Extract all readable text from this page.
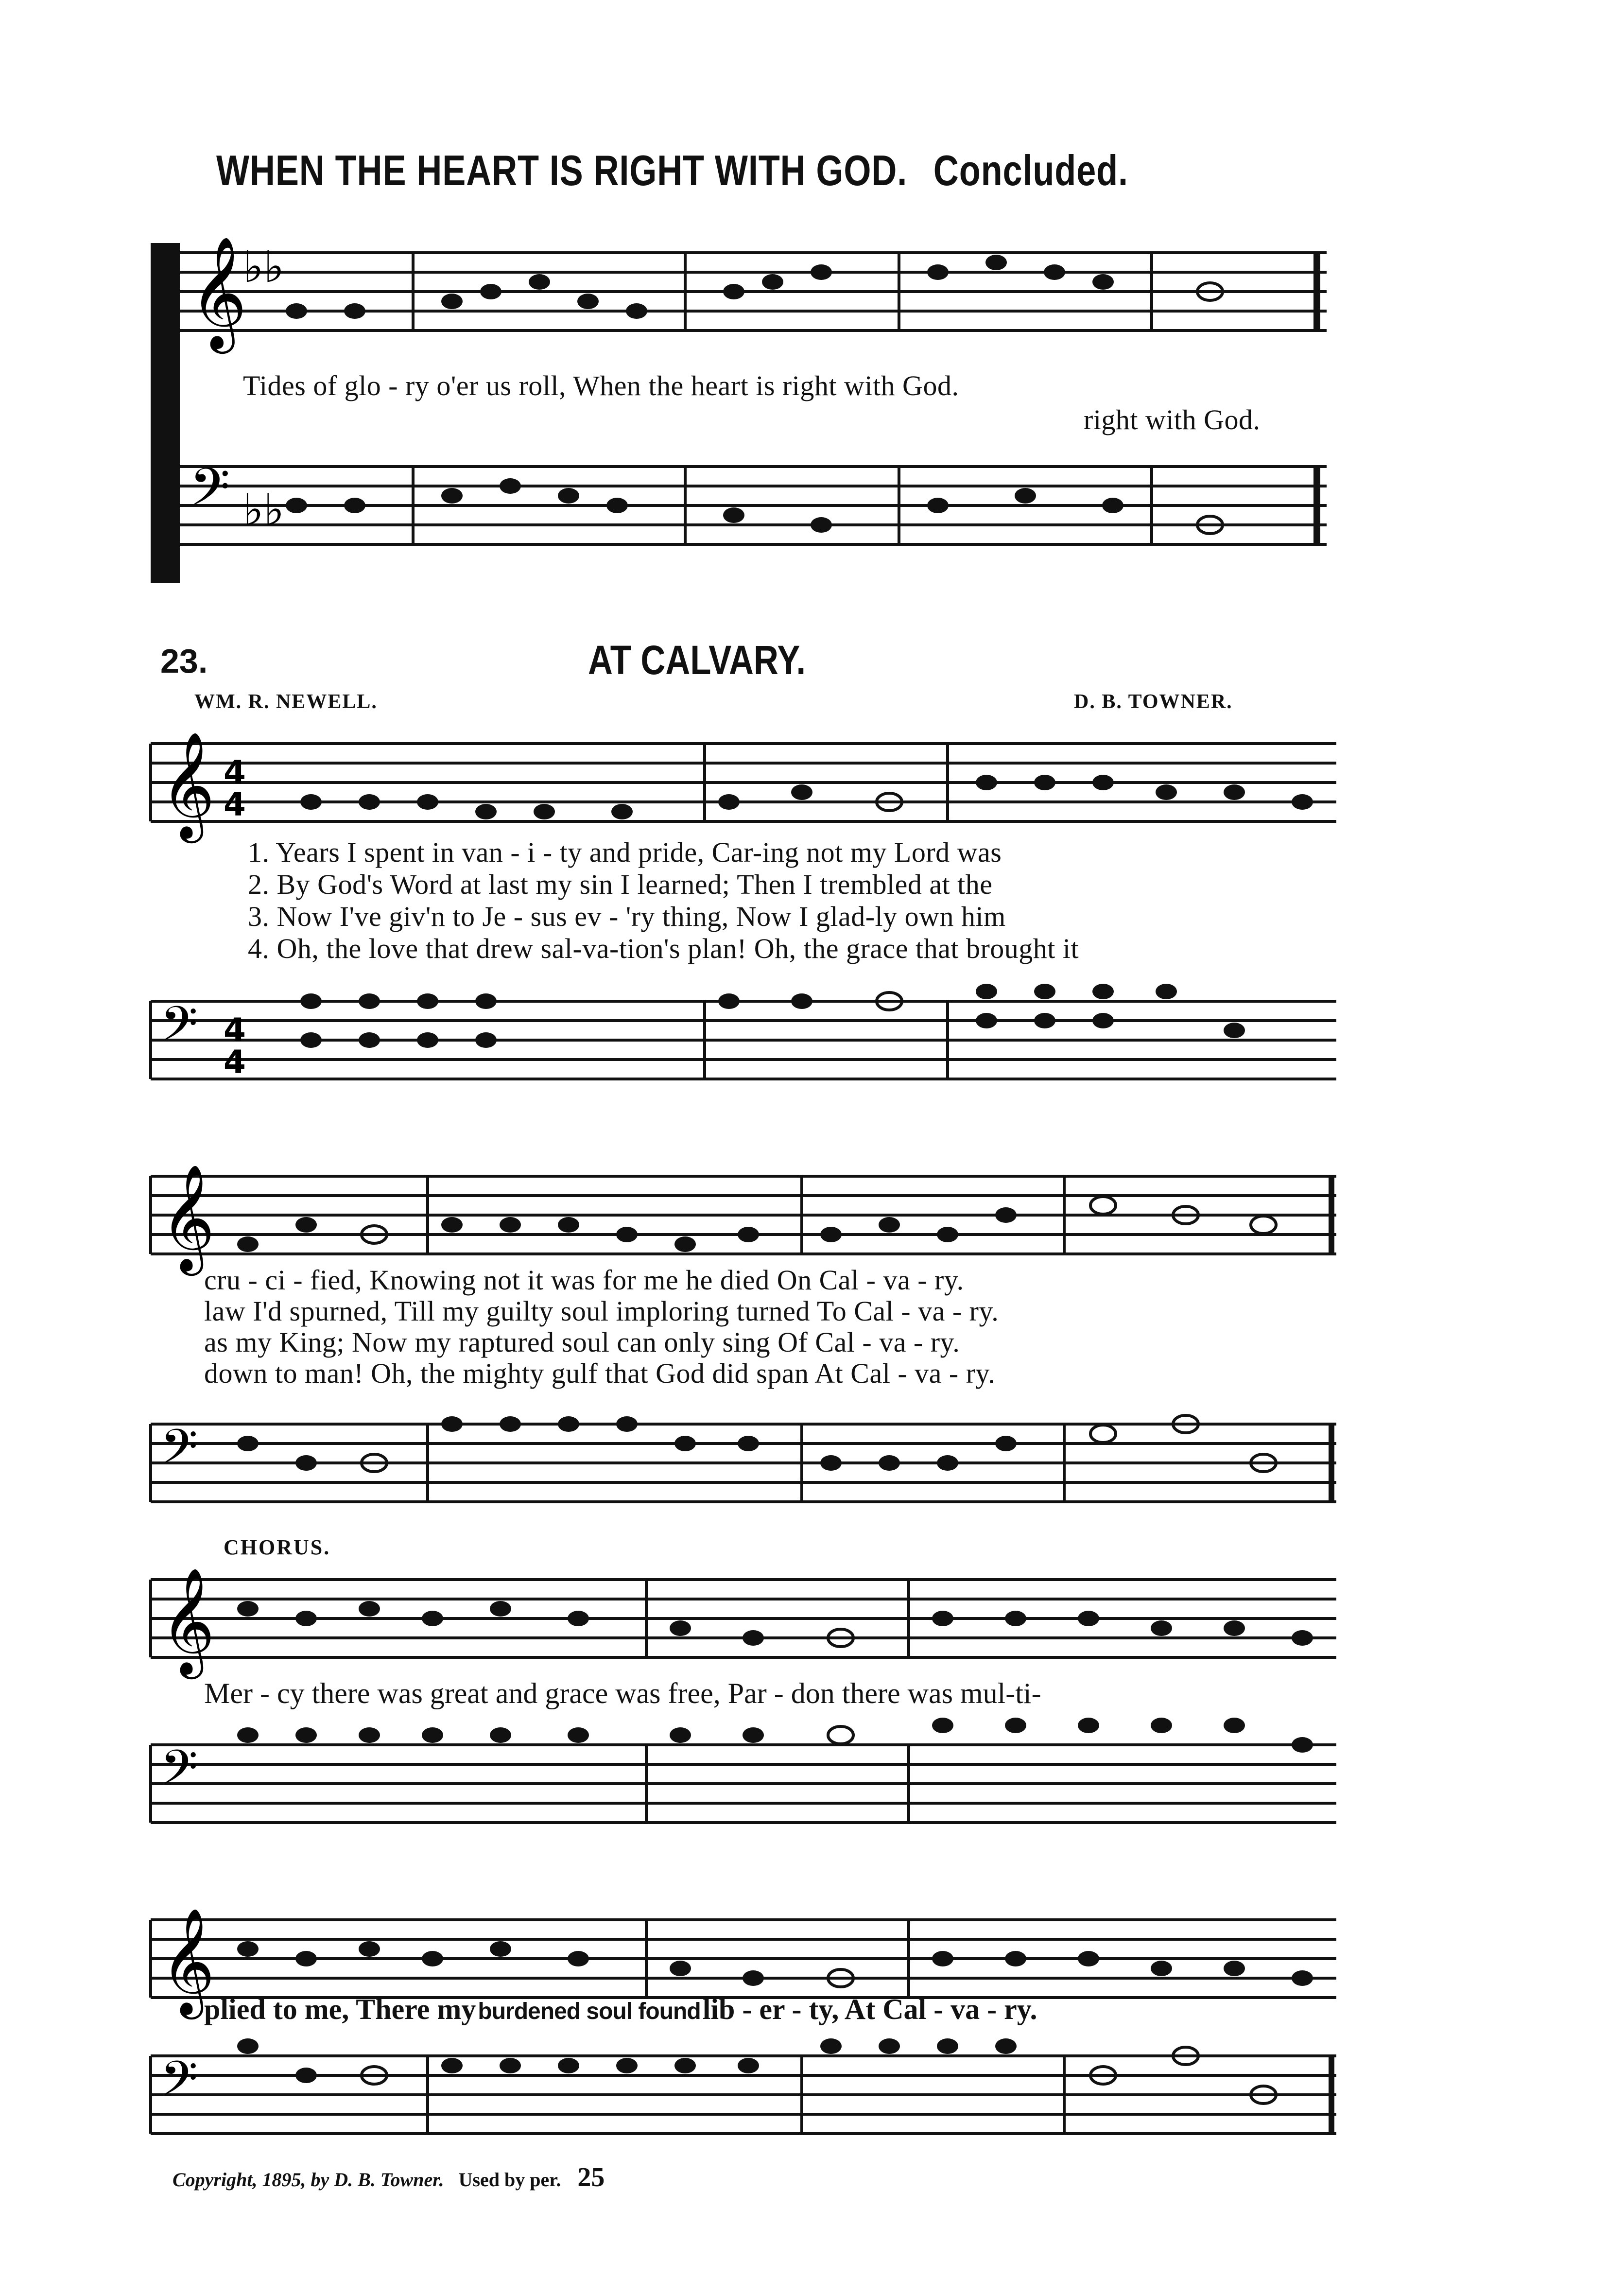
WHEN THE HEART IS RIGHT WITH GOD. Concluded.
𝄞
♭♭
Tides of glo - ry o'er us roll, When the heart is right with God.
right with God.
𝄢 ♭♭
23.	AT CALVARY.
WM. R. NEWELL.	D. B. TOWNER.
𝄞 4
4
1. Years I spent in van - i - ty and pride, Car-ing not my Lord was
2. By God's Word at last my sin I learned; Then I trembled at the
3. Now I've giv'n to Je - sus ev - 'ry thing, Now I glad-ly own him
4. Oh, the love that drew sal-va-tion's plan! Oh, the grace that brought it
𝄢 4
4
𝄞
cru - ci - fied, Knowing not it was for me he died On Cal - va - ry.
law I'd spurned, Till my guilty soul imploring turned To Cal - va - ry.
as my King; Now my raptured soul can only sing Of Cal - va - ry.
down to man! Oh, the mighty gulf that God did span At Cal - va - ry.
𝄢
CHORUS.
𝄞
Mer - cy there was great and grace was free, Par - don there was mul-ti-
𝄢
𝄞
plied to me, There my burdened soul found lib - er - ty, At Cal - va - ry.
𝄢
Copyright, 1895, by D. B. Towner. Used by per. 25
